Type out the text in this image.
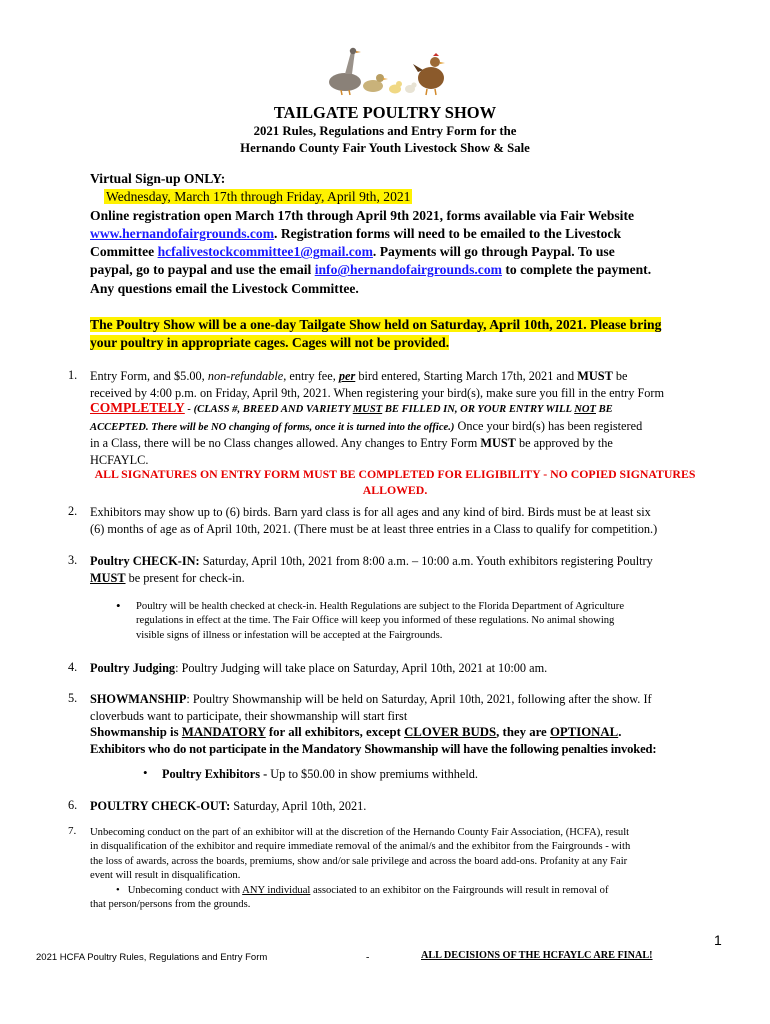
TAILGATE POULTRY SHOW
2021 Rules, Regulations and Entry Form for the
Hernando County Fair Youth Livestock Show & Sale
Virtual Sign-up ONLY:
Wednesday, March 17th through Friday, April 9th, 2021
Online registration open March 17th through April 9th 2021, forms available via Fair Website
www.hernandofairgrounds.com. Registration forms will need to be emailed to the Livestock
Committee hcfalivestockcommittee1@gmail.com. Payments will go through Paypal. To use
paypal, go to paypal and use the email info@hernandofairgrounds.com to complete the payment.
Any questions email the Livestock Committee.
The Poultry Show will be a one-day Tailgate Show held on Saturday, April 10th, 2021. Please bring
your poultry in appropriate cages. Cages will not be provided.
1. Entry Form, and $5.00, non-refundable, entry fee, per bird entered, Starting March 17th, 2021 and MUST be
received by 4:00 p.m. on Friday, April 9th, 2021. When registering your bird(s), make sure you fill in the entry Form
COMPLETELY - (CLASS #, BREED AND VARIETY MUST BE FILLED IN, OR YOUR ENTRY WILL NOT BE
ACCEPTED. There will be NO changing of forms, once it is turned into the office.) Once your bird(s) has been registered
in a Class, there will be no Class changes allowed. Any changes to Entry Form MUST be approved by the
HCFAYLC.
ALL SIGNATURES ON ENTRY FORM MUST BE COMPLETED FOR ELIGIBILITY - NO COPIED SIGNATURES
ALLOWED.
2. Exhibitors may show up to (6) birds. Barn yard class is for all ages and any kind of bird. Birds must be at least six
(6) months of age as of April 10th, 2021. (There must be at least three entries in a Class to qualify for competition.)
3. Poultry CHECK-IN: Saturday, April 10th, 2021 from 8:00 a.m. – 10:00 a.m. Youth exhibitors registering Poultry
MUST be present for check-in.
• Poultry will be health checked at check-in. Health Regulations are subject to the Florida Department of Agriculture
regulations in effect at the time. The Fair Office will keep you informed of these regulations. No animal showing
visible signs of illness or infestation will be accepted at the Fairgrounds.
4. Poultry Judging: Poultry Judging will take place on Saturday, April 10th, 2021 at 10:00 am.
5. SHOWMANSHIP: Poultry Showmanship will be held on Saturday, April 10th, 2021, following after the show. If
cloverbuds want to participate, their showmanship will start first
Showmanship is MANDATORY for all exhibitors, except CLOVER BUDS, they are OPTIONAL.
Exhibitors who do not participate in the Mandatory Showmanship will have the following penalties invoked:
• Poultry Exhibitors - Up to $50.00 in show premiums withheld.
6. POULTRY CHECK-OUT: Saturday, April 10th, 2021.
7. Unbecoming conduct on the part of an exhibitor will at the discretion of the Hernando County Fair Association, (HCFA), result
in disqualification of the exhibitor and require immediate removal of the animal/s and the exhibitor from the Fairgrounds - with
the loss of awards, across the boards, premiums, show and/or sale privilege and across the board add-ons. Profanity at any Fair
event will result in disqualification.
• Unbecoming conduct with ANY individual associated to an exhibitor on the Fairgrounds will result in removal of
that person/persons from the grounds.
1
2021 HCFA Poultry Rules, Regulations and Entry Form	-	ALL DECISIONS OF THE HCFAYLC ARE FINAL!
